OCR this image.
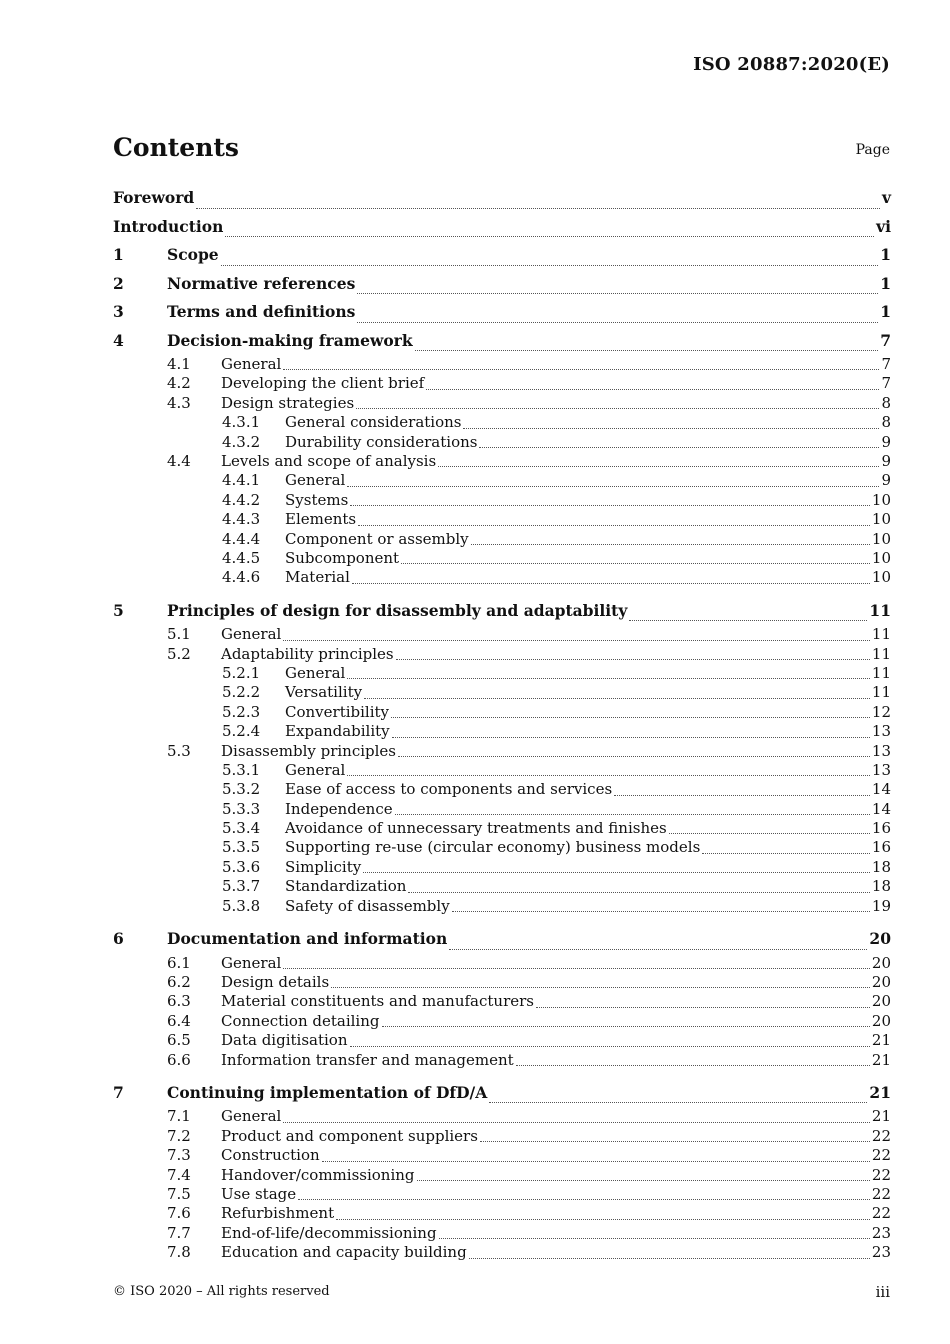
ISO 20887:2020(E)
Contents	Page
Foreword	v
Introduction	vi
1	Scope	1
2	Normative references	1
3	Terms and definitions	1
4	Decision-making framework	7
4.1	General	7
4.2	Developing the client brief	7
4.3	Design strategies	8
4.3.1	General considerations	8
4.3.2	Durability considerations	9
4.4	Levels and scope of analysis	9
4.4.1	General	9
4.4.2	Systems	10
4.4.3	Elements	10
4.4.4	Component or assembly	10
4.4.5	Subcomponent	10
4.4.6	Material	10
5	Principles of design for disassembly and adaptability	11
5.1	General	11
5.2	Adaptability principles	11
5.2.1	General	11
5.2.2	Versatility	11
5.2.3	Convertibility	12
5.2.4	Expandability	13
5.3	Disassembly principles	13
5.3.1	General	13
5.3.2	Ease of access to components and services	14
5.3.3	Independence	14
5.3.4	Avoidance of unnecessary treatments and finishes	16
5.3.5	Supporting re-use (circular economy) business models	16
5.3.6	Simplicity	18
5.3.7	Standardization	18
5.3.8	Safety of disassembly	19
6	Documentation and information	20
6.1	General	20
6.2	Design details	20
6.3	Material constituents and manufacturers	20
6.4	Connection detailing	20
6.5	Data digitisation	21
6.6	Information transfer and management	21
7	Continuing implementation of DfD/A	21
7.1	General	21
7.2	Product and component suppliers	22
7.3	Construction	22
7.4	Handover/commissioning	22
7.5	Use stage	22
7.6	Refurbishment	22
7.7	End-of-life/decommissioning	23
7.8	Education and capacity building	23
© ISO 2020 – All rights reserved	iii
